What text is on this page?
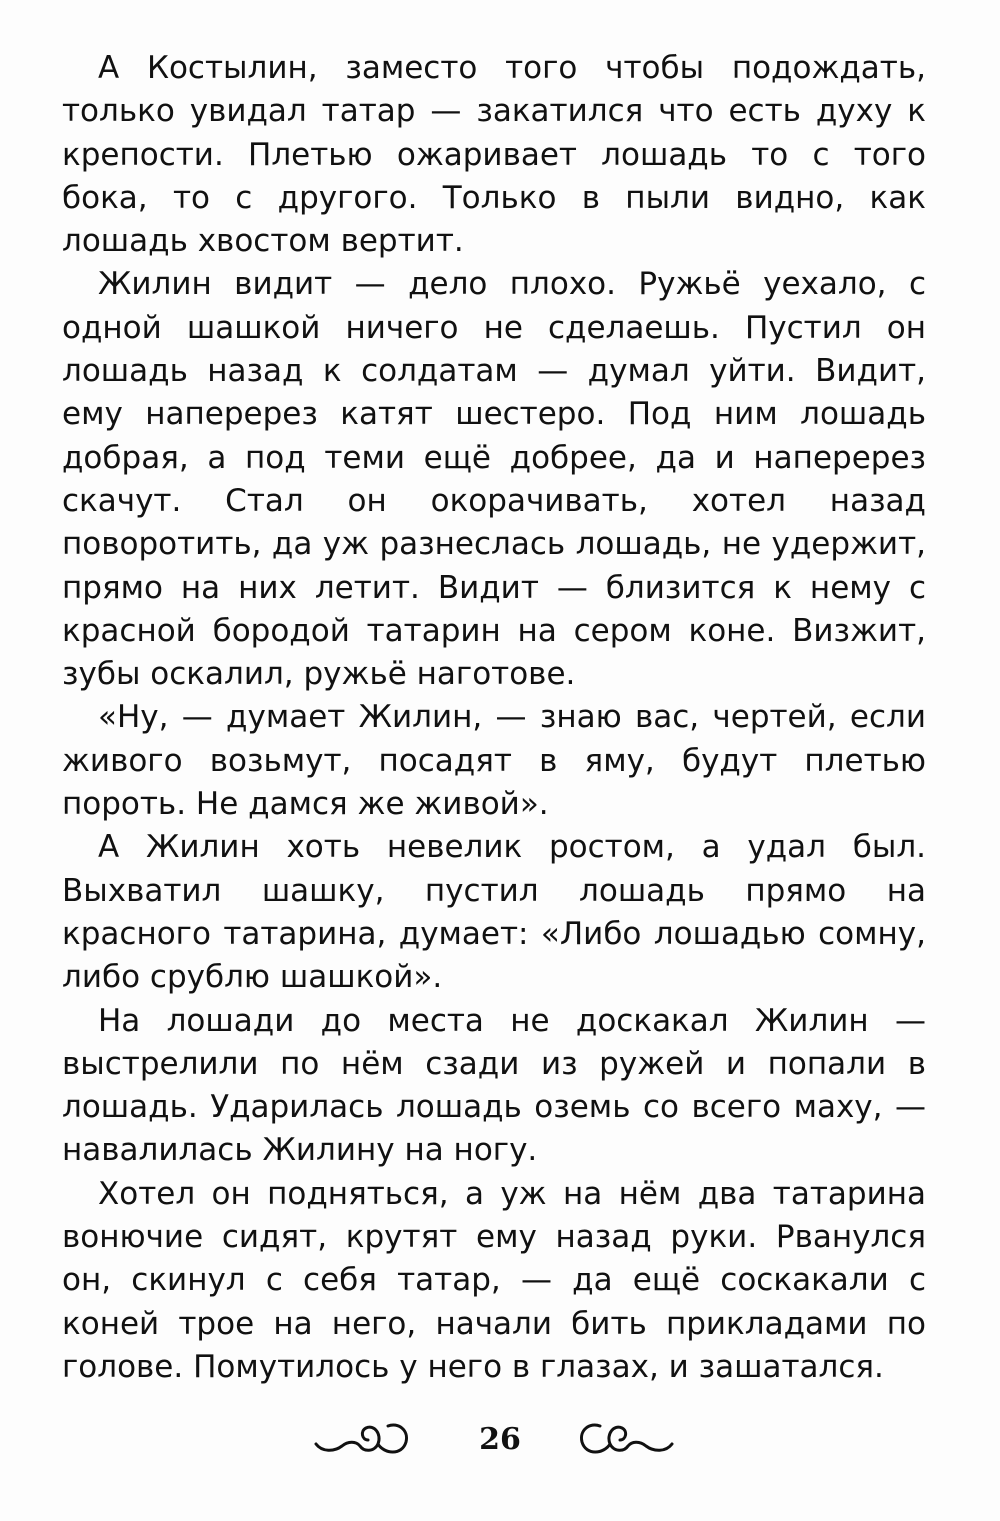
А Костылин, заместо того чтобы подождать, только увидал татар — закатился что есть духу к крепости. Плетью ожаривает лошадь то с того бока, то с другого. Только в пыли видно, как лошадь хвостом вертит.

Жилин видит — дело плохо. Ружьё уехало, с одной шашкой ничего не сделаешь. Пустил он лошадь назад к солдатам — думал уйти. Видит, ему наперерез катят шестеро. Под ним лошадь добрая, а под теми ещё добрее, да и наперерез скачут. Стал он окорачивать, хотел назад поворотить, да уж разнеслась лошадь, не удержит, прямо на них летит. Видит — близится к нему с красной бородой татарин на сером коне. Визжит, зубы оскалил, ружьё наготове.

«Ну, — думает Жилин, — знаю вас, чертей, если живого возьмут, посадят в яму, будут плетью пороть. Не дамся же живой».

А Жилин хоть невелик ростом, а удал был. Выхватил шашку, пустил лошадь прямо на красного татарина, думает: «Либо лошадью сомну, либо срублю шашкой».

На лошади до места не доскакал Жилин — выстрелили по нём сзади из ружей и попали в лошадь. Ударилась лошадь оземь со всего маху, — навалилась Жилину на ногу.

Хотел он подняться, а уж на нём два татарина вонючие сидят, крутят ему назад руки. Рванулся он, скинул с себя татар, — да ещё соскакали с коней трое на него, начали бить прикладами по голове. Помутилось у него в глазах, и зашатался.

26
